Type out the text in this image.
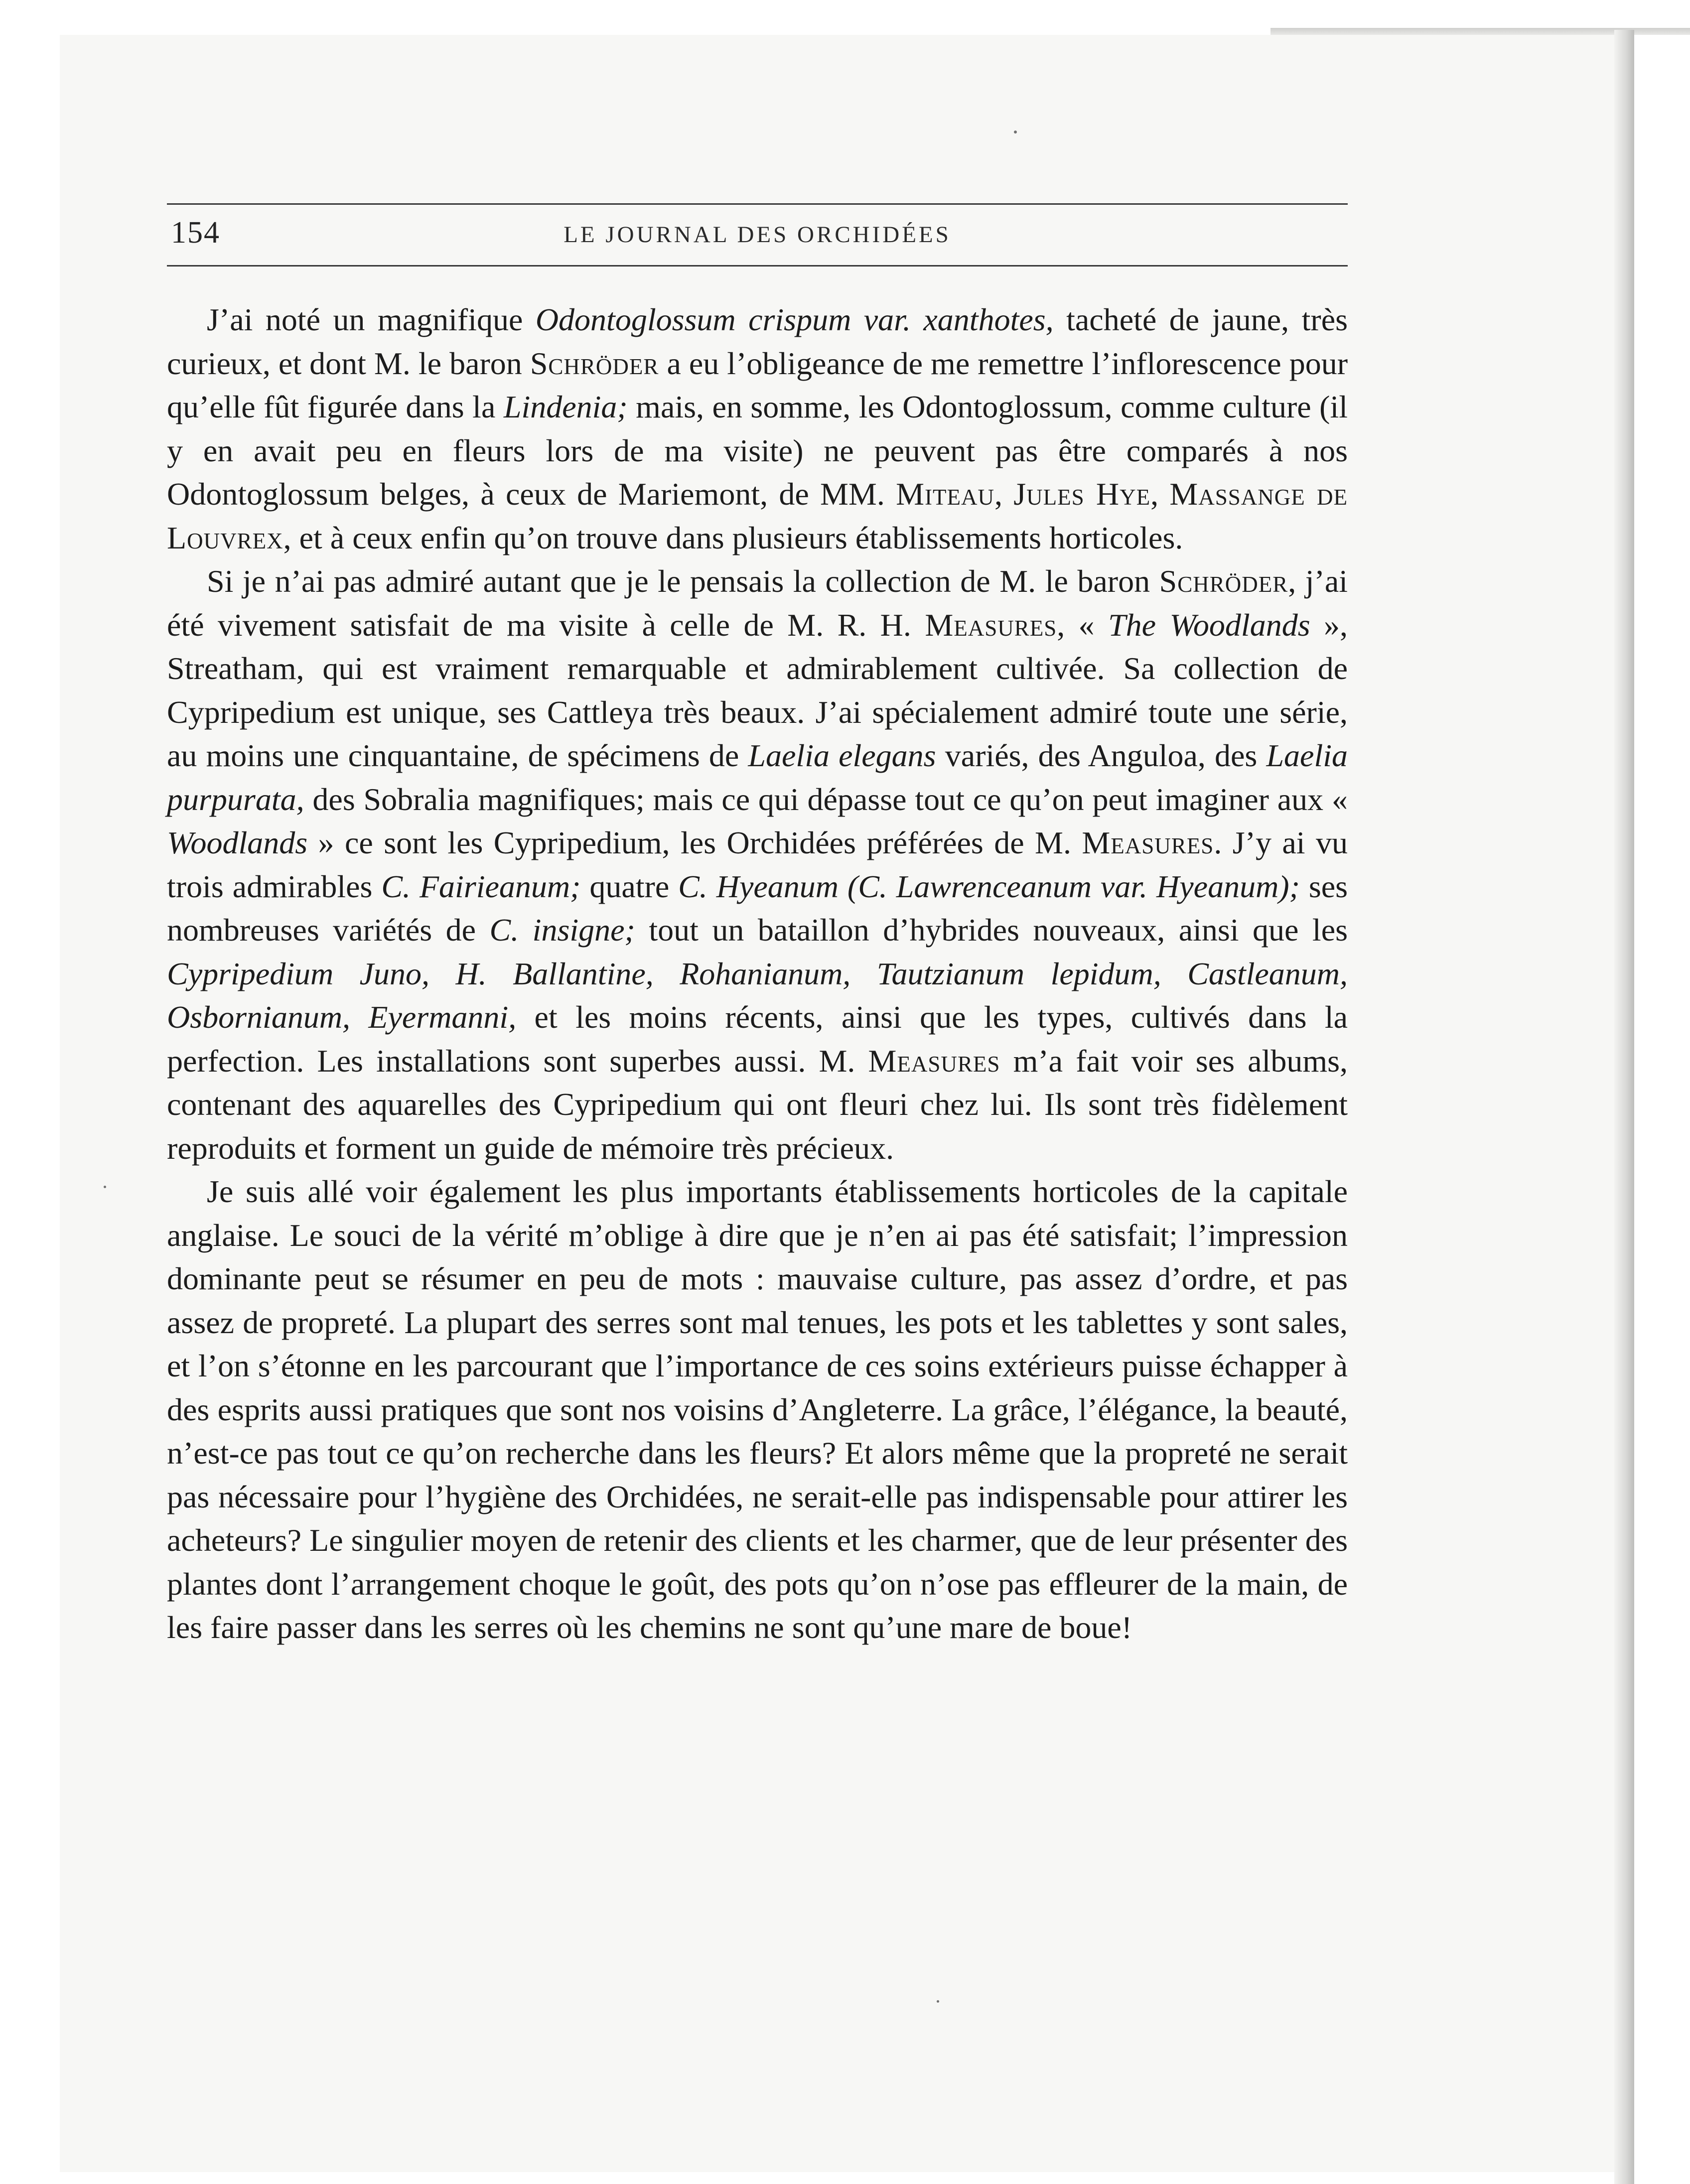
154	LE JOURNAL DES ORCHIDÉES

J’ai noté un magnifique Odontoglossum crispum var. xanthotes, tacheté de jaune, très curieux, et dont M. le baron Schröder a eu l’obligeance de me remettre l’inflorescence pour qu’elle fût figurée dans la Lindenia; mais, en somme, les Odontoglossum, comme culture (il y en avait peu en fleurs lors de ma visite) ne peuvent pas être comparés à nos Odontoglossum belges, à ceux de Mariemont, de MM. Miteau, Jules Hye, Massange de Louvrex, et à ceux enfin qu’on trouve dans plusieurs établissements horticoles.

Si je n’ai pas admiré autant que je le pensais la collection de M. le baron Schröder, j’ai été vivement satisfait de ma visite à celle de M. R. H. Measures, « The Woodlands », Streatham, qui est vraiment remarquable et admirablement cultivée. Sa collection de Cypripedium est unique, ses Cattleya très beaux. J’ai spécialement admiré toute une série, au moins une cinquantaine, de spécimens de Laelia elegans variés, des Anguloa, des Laelia purpurata, des Sobralia magnifiques; mais ce qui dépasse tout ce qu’on peut imaginer aux « Woodlands » ce sont les Cypripedium, les Orchidées préférées de M. Measures. J’y ai vu trois admirables C. Fairieanum; quatre C. Hyeanum (C. Lawrenceanum var. Hyeanum); ses nombreuses variétés de C. insigne; tout un bataillon d’hybrides nouveaux, ainsi que les Cypripedium Juno, H. Ballantine, Rohanianum, Tautzianum lepidum, Castleanum, Osbornianum, Eyermanni, et les moins récents, ainsi que les types, cultivés dans la perfection. Les installations sont superbes aussi. M. Measures m’a fait voir ses albums, contenant des aquarelles des Cypripedium qui ont fleuri chez lui. Ils sont très fidèlement reproduits et forment un guide de mémoire très précieux.

Je suis allé voir également les plus importants établissements horticoles de la capitale anglaise. Le souci de la vérité m’oblige à dire que je n’en ai pas été satisfait; l’impression dominante peut se résumer en peu de mots : mauvaise culture, pas assez d’ordre, et pas assez de propreté. La plupart des serres sont mal tenues, les pots et les tablettes y sont sales, et l’on s’étonne en les parcourant que l’importance de ces soins extérieurs puisse échapper à des esprits aussi pratiques que sont nos voisins d’Angleterre. La grâce, l’élégance, la beauté, n’est-ce pas tout ce qu’on recherche dans les fleurs? Et alors même que la propreté ne serait pas nécessaire pour l’hygiène des Orchidées, ne serait-elle pas indispensable pour attirer les acheteurs? Le singulier moyen de retenir des clients et les charmer, que de leur présenter des plantes dont l’arrangement choque le goût, des pots qu’on n’ose pas effleurer de la main, de les faire passer dans les serres où les chemins ne sont qu’une mare de boue!
